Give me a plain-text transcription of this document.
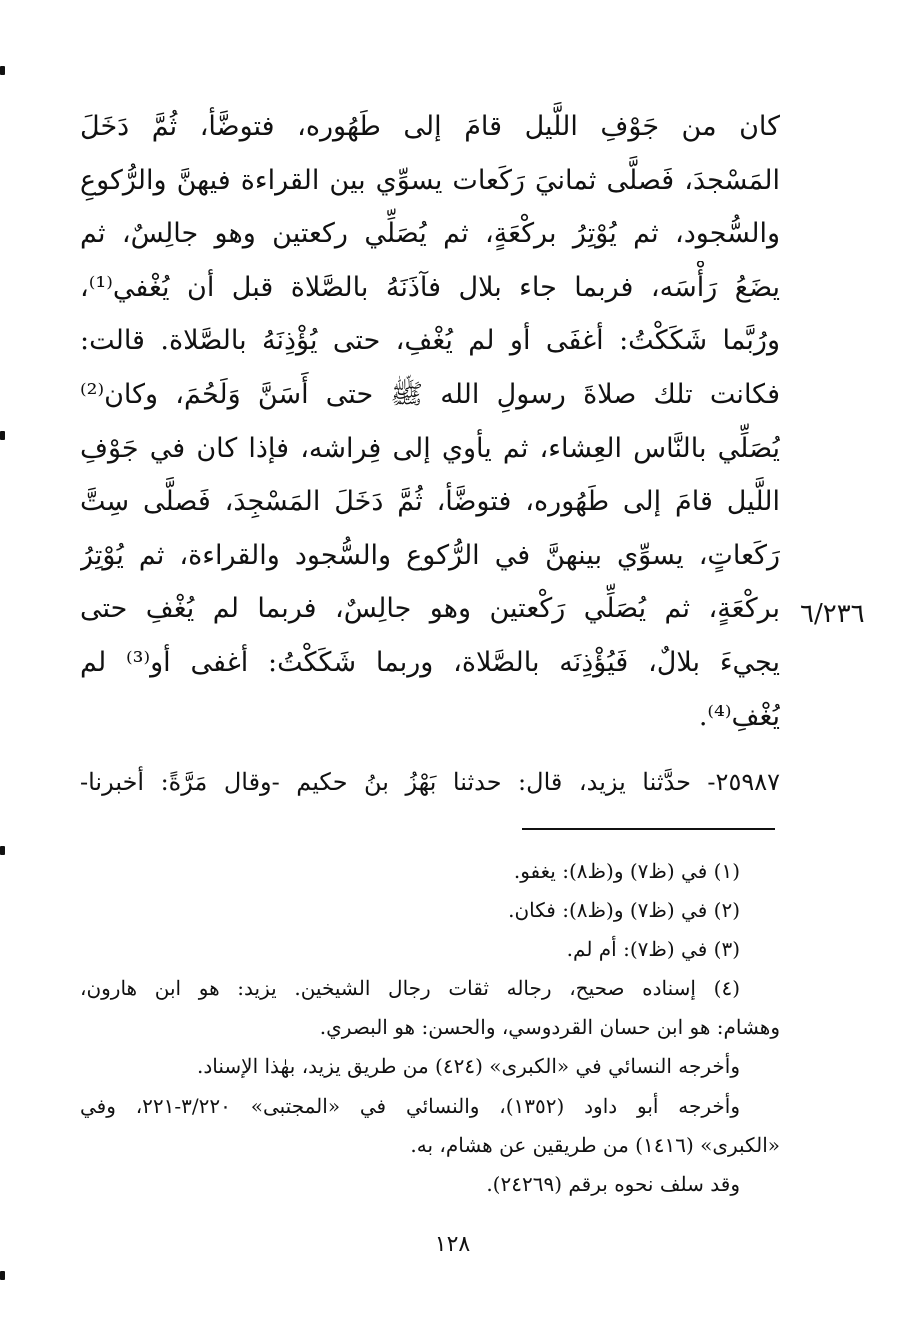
كان من جَوْفِ اللَّيل قامَ إلى طَهُوره، فتوضَّأ، ثُمَّ دَخَلَ
المَسْجدَ، فَصلَّى ثمانيَ رَكَعات يسوِّي بين القراءة فيهنَّ والرُّكوعِ
والسُّجود، ثم يُوْتِرُ بركْعَةٍ، ثم يُصَلِّي ركعتين وهو جالِسٌ، ثم
يضَعُ رَأْسَه، فربما جاء بلال فآذَنَهُ بالصَّلاة قبل أن يُغْفي⁽¹⁾،
ورُبَّما شَكَكْتُ: أغفَى أو لم يُغْفِ، حتى يُؤْذِنَهُ بالصَّلاة. قالت:
فكانت تلك صلاةَ رسولِ الله ﷺ حتى أَسَنَّ وَلَحُمَ، وكان⁽²⁾
يُصَلِّي بالنَّاس العِشاء، ثم يأوي إلى فِراشه، فإذا كان في جَوْفِ
اللَّيل قامَ إلى طَهُوره، فتوضَّأ، ثُمَّ دَخَلَ المَسْجِدَ، فَصلَّى سِتَّ
رَكَعاتٍ، يسوِّي بينهنَّ في الرُّكوع والسُّجود والقراءة، ثم يُوْتِرُ
بركْعَةٍ، ثم يُصَلِّي رَكْعتين وهو جالِسٌ، فربما لم يُغْفِ حتى
يجيءَ بلالٌ، فَيُؤْذِنَه بالصَّلاة، وربما شَكَكْتُ: أغفى أو⁽³⁾ لم
يُغْفِ⁽⁴⁾.
٦/٢٣٦
٢٥٩٨٧- حدَّثنا يزيد، قال: حدثنا بَهْزُ بنُ حكيم -وقال مَرَّةً: أخبرنا-
(١) في (ظ٧) و(ظ٨): يغفو.
(٢) في (ظ٧) و(ظ٨): فكان.
(٣) في (ظ٧): أم لم.
(٤) إسناده صحيح، رجاله ثقات رجال الشيخين. يزيد: هو ابن هارون،
وهشام: هو ابن حسان القردوسي، والحسن: هو البصري.
وأخرجه النسائي في «الكبرى» (٤٢٤) من طريق يزيد، بهٰذا الإسناد.
وأخرجه أبو داود (١٣٥٢)، والنسائي في «المجتبى» ٣/٢٢٠-٢٢١، وفي
«الكبرى» (١٤١٦) من طريقين عن هشام، به.
وقد سلف نحوه برقم (٢٤٢٦٩).
١٢٨
